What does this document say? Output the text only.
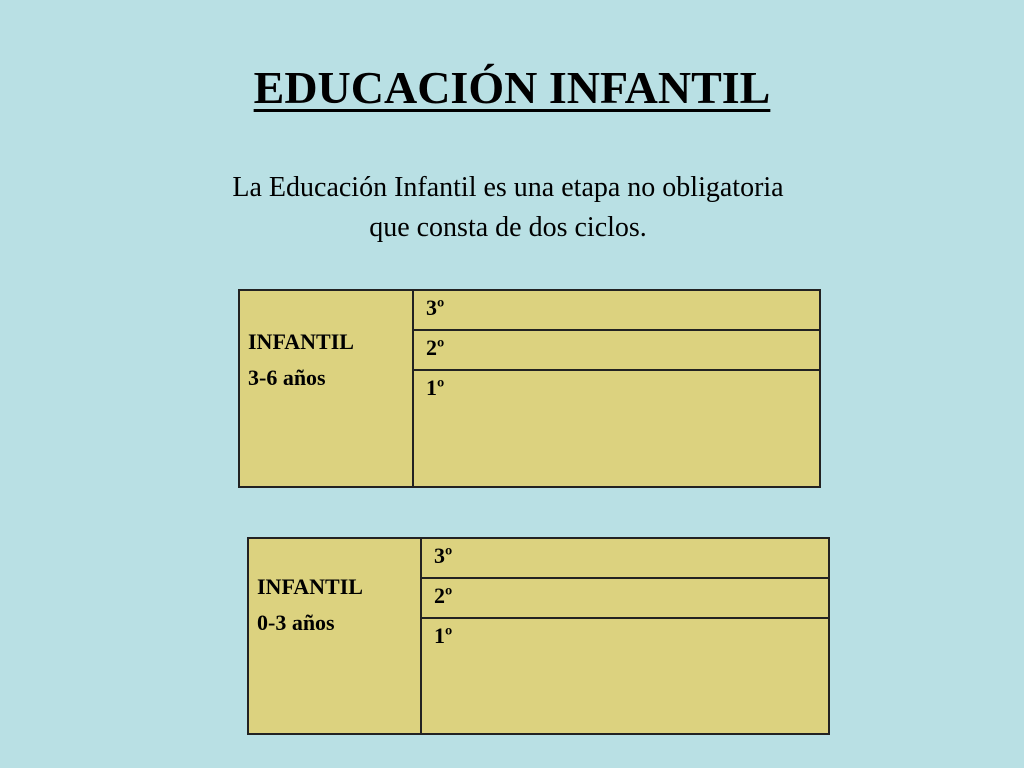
EDUCACIÓN INFANTIL
La Educación Infantil es una etapa no obligatoria
que consta de dos ciclos.
INFANTIL
3-6 años
3º
2º
1º
INFANTIL
0-3 años
3º
2º
1º
